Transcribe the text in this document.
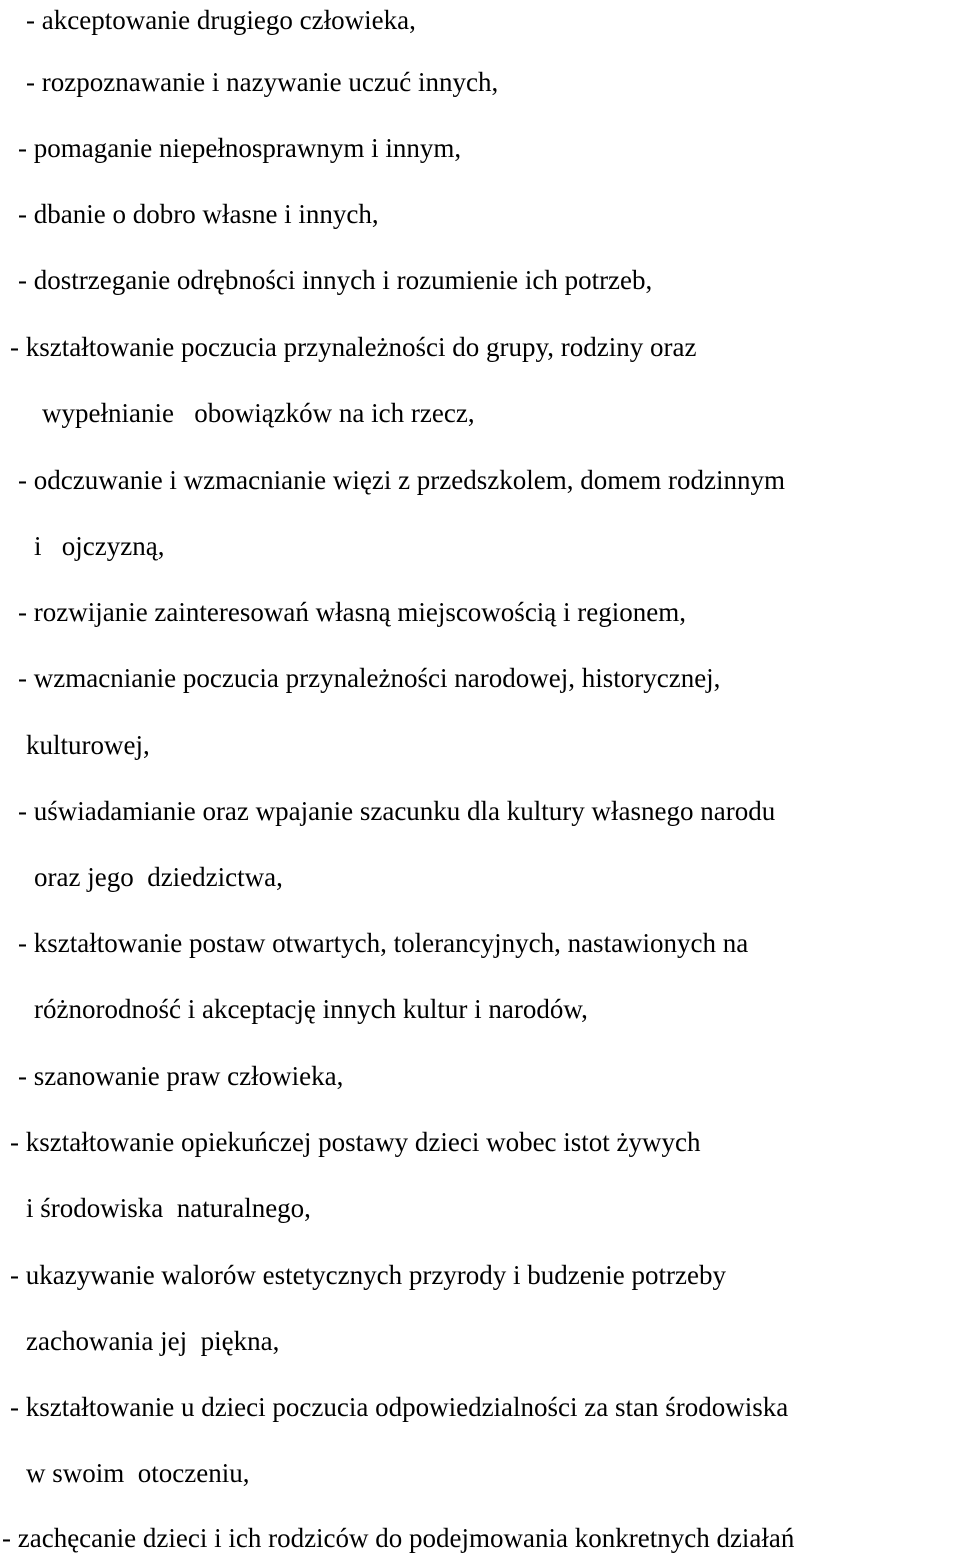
- akceptowanie drugiego człowieka,
- rozpoznawanie i nazywanie uczuć innych,
- pomaganie niepełnosprawnym i innym,
- dbanie o dobro własne i innych,
- dostrzeganie odrębności innych i rozumienie ich potrzeb,
- kształtowanie poczucia przynależności do grupy, rodziny oraz
wypełnianie   obowiązków na ich rzecz,
- odczuwanie i wzmacnianie więzi z przedszkolem, domem rodzinnym
i   ojczyzną,
- rozwijanie zainteresowań własną miejscowością i regionem,
- wzmacnianie poczucia przynależności narodowej, historycznej,
kulturowej,
- uświadamianie oraz wpajanie szacunku dla kultury własnego narodu
oraz jego  dziedzictwa,
- kształtowanie postaw otwartych, tolerancyjnych, nastawionych na
różnorodność i akceptację innych kultur i narodów,
- szanowanie praw człowieka,
- kształtowanie opiekuńczej postawy dzieci wobec istot żywych
i środowiska  naturalnego,
- ukazywanie walorów estetycznych przyrody i budzenie potrzeby
zachowania jej  piękna,
- kształtowanie u dzieci poczucia odpowiedzialności za stan środowiska
w swoim  otoczeniu,
- zachęcanie dzieci i ich rodziców do podejmowania konkretnych działań
